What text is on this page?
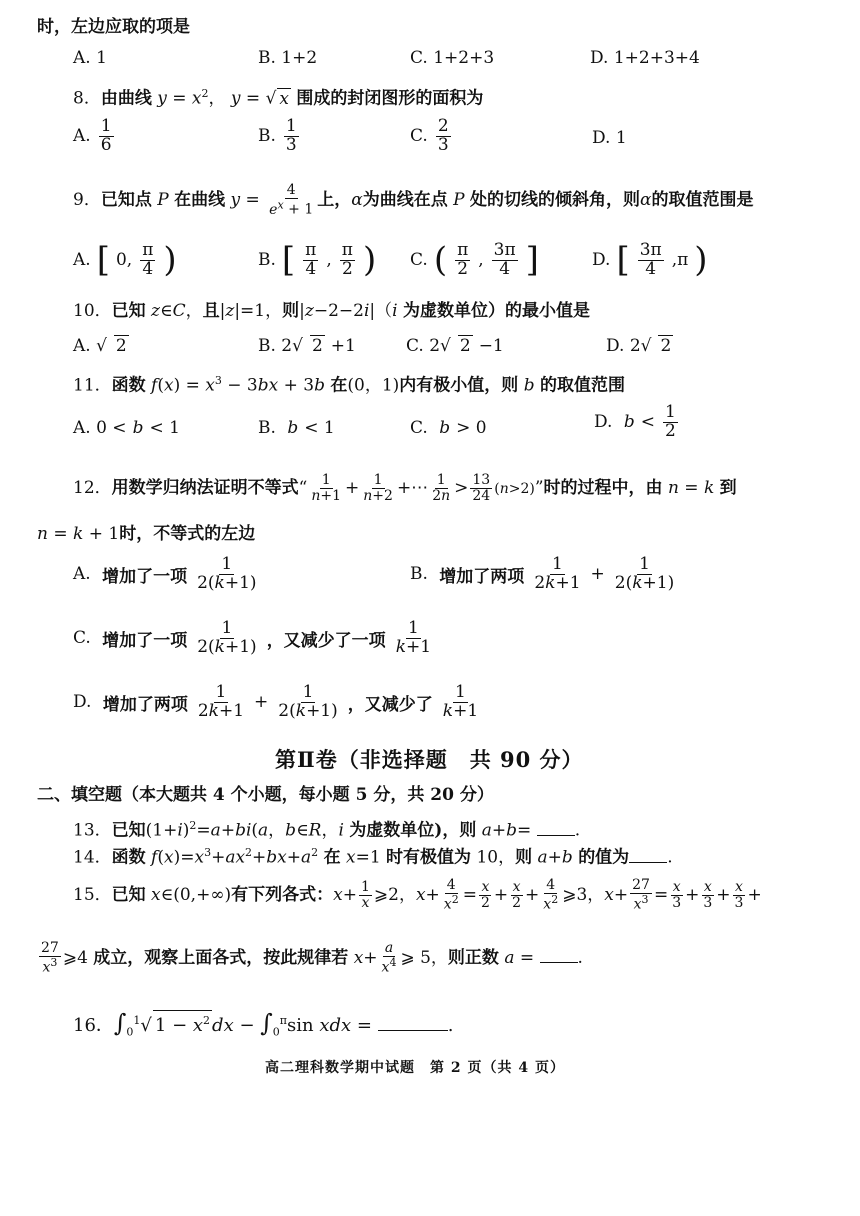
时，左边应取的项是
A. 1	B. 1+2	C. 1+2+3	D. 1+2+3+4
8．由曲线 $y = x^2$， y = √ x 围成的封闭图形的面积为
A. $\frac{1}{6}$	B. $\frac{1}{3}$	C. $\frac{2}{3}$	D. 1
9．已知点 P 在曲线 $y = \frac{4}{e^x + 1}$ 上，α为曲线在点 P 处的切线的倾斜角，则α的取值范围是
A. [ 0, $\frac{\pi}{4}$ )	B. [ $\frac{\pi}{4}$ , $\frac{\pi}{2}$ ) C. ( $\frac{\pi}{2}$ , $\frac{3\pi}{4}$ ]	D. [ $\frac{3\pi}{4} ,\pi$ )
10．已知 z∈C，且|z|=1，则|z−2−2i|（i 为虚数单位）的最小值是
A. √ 2	B. 2√ 2 +1	C. 2√ 2 −1	D. 2√ 2
11．函数 $f(x) = x^3 - 3bx + 3b$ 在(0，1)内有极小值，则 b 的取值范围
A. 0 < b < 1	B. b < 1	C. b > 0	D. $b < \frac{1}{2}$
12．用数学归纳法证明不等式“ $\frac{1}{n+1} + \frac{1}{n+2}$ +⋯ $\frac{1}{2n} > \frac{13}{24} (n>2)$”时的过程中，由 n = k 到
n = k + 1时，不等式的左边
A. 增加了一项 $\frac{1}{2(k+1)}$	B. 增加了两项 $\frac{1}{2k+1} + \frac{1}{2(k+1)}$
C. 增加了一项 $\frac{1}{2(k+1)}$ ，又减少了一项 $\frac{1}{k+1}$
D. 增加了两项 $\frac{1}{2k+1} + \frac{1}{2(k+1)}$ ，又减少了 $\frac{1}{k+1}$
第Ⅱ卷（非选择题　共 90 分）
二、填空题（本大题共 4 个小题，每小题 5 分，共 20 分）
13．已知$(1+i)^2=a+bi(a$，b∈R，i 为虚数单位)，则 a+b= .
14．函数 $f(x)=x^3+ax^2+bx+a^2$ 在 x=1 时有极值为 10，则 a+b 的值为 .
15．已知 x∈(0,+∞)有下列各式：$x+ \frac{1}{x}$ ⩾2，$x+ \frac{4}{x^2} = \frac{x}{2} + \frac{x}{2} + \frac{4}{x^2}$ ⩾3，$x+ \frac{27}{x^3} = \frac{x}{3} + \frac{x}{3} + \frac{x}{3}$ +
$\frac{27}{x^3}$ ⩾4 成立，观察上面各式，按此规律若 $x+ \frac{a}{x^4}$ ⩾ 5，则正数 a = .
16．$\int_0^1√$ $1 - x^2$ dx − $\int_0^\pi\sin$ xdx =	.
高二理科数学期中试题　第 2 页（共 4 页）
